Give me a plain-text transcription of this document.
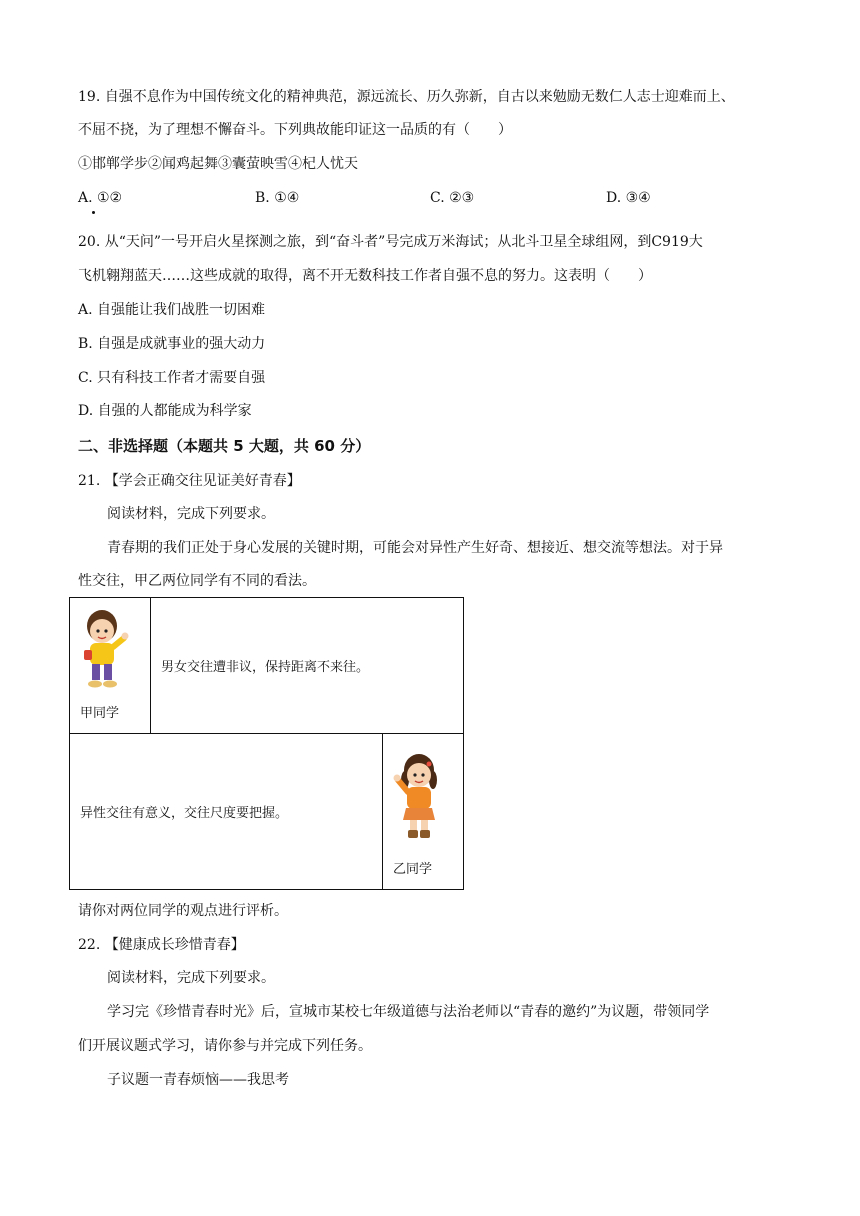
19. 自强不息作为中国传统文化的精神典范，源远流长、历久弥新，自古以来勉励无数仁人志士迎难而上、
不屈不挠，为了理想不懈奋斗。下列典故能印证这一品质的有（　　）
①邯郸学步②闻鸡起舞③囊萤映雪④杞人忧天
A. ①②	B. ①④	C. ②③	D. ③④
20. 从“天问”一号开启火星探测之旅，到“奋斗者”号完成万米海试；从北斗卫星全球组网，到C919大
飞机翱翔蓝天……这些成就的取得，离不开无数科技工作者自强不息的努力。这表明（　　）
A. 自强能让我们战胜一切困难
B. 自强是成就事业的强大动力
C. 只有科技工作者才需要自强
D. 自强的人都能成为科学家
二、非选择题（本题共 5 大题，共 60 分）
21. 【学会正确交往见证美好青春】
阅读材料，完成下列要求。
青春期的我们正处于身心发展的关键时期，可能会对异性产生好奇、想接近、想交流等想法。对于异
性交往，甲乙两位同学有不同的看法。
甲同学	男女交往遭非议，保持距离不来往。	
异性交往有意义，交往尺度要把握。		乙同学
请你对两位同学的观点进行评析。
22. 【健康成长珍惜青春】
阅读材料，完成下列要求。
学习完《珍惜青春时光》后，宣城市某校七年级道德与法治老师以“青春的邀约”为议题，带领同学
们开展议题式学习，请你参与并完成下列任务。
子议题一青春烦恼——我思考
